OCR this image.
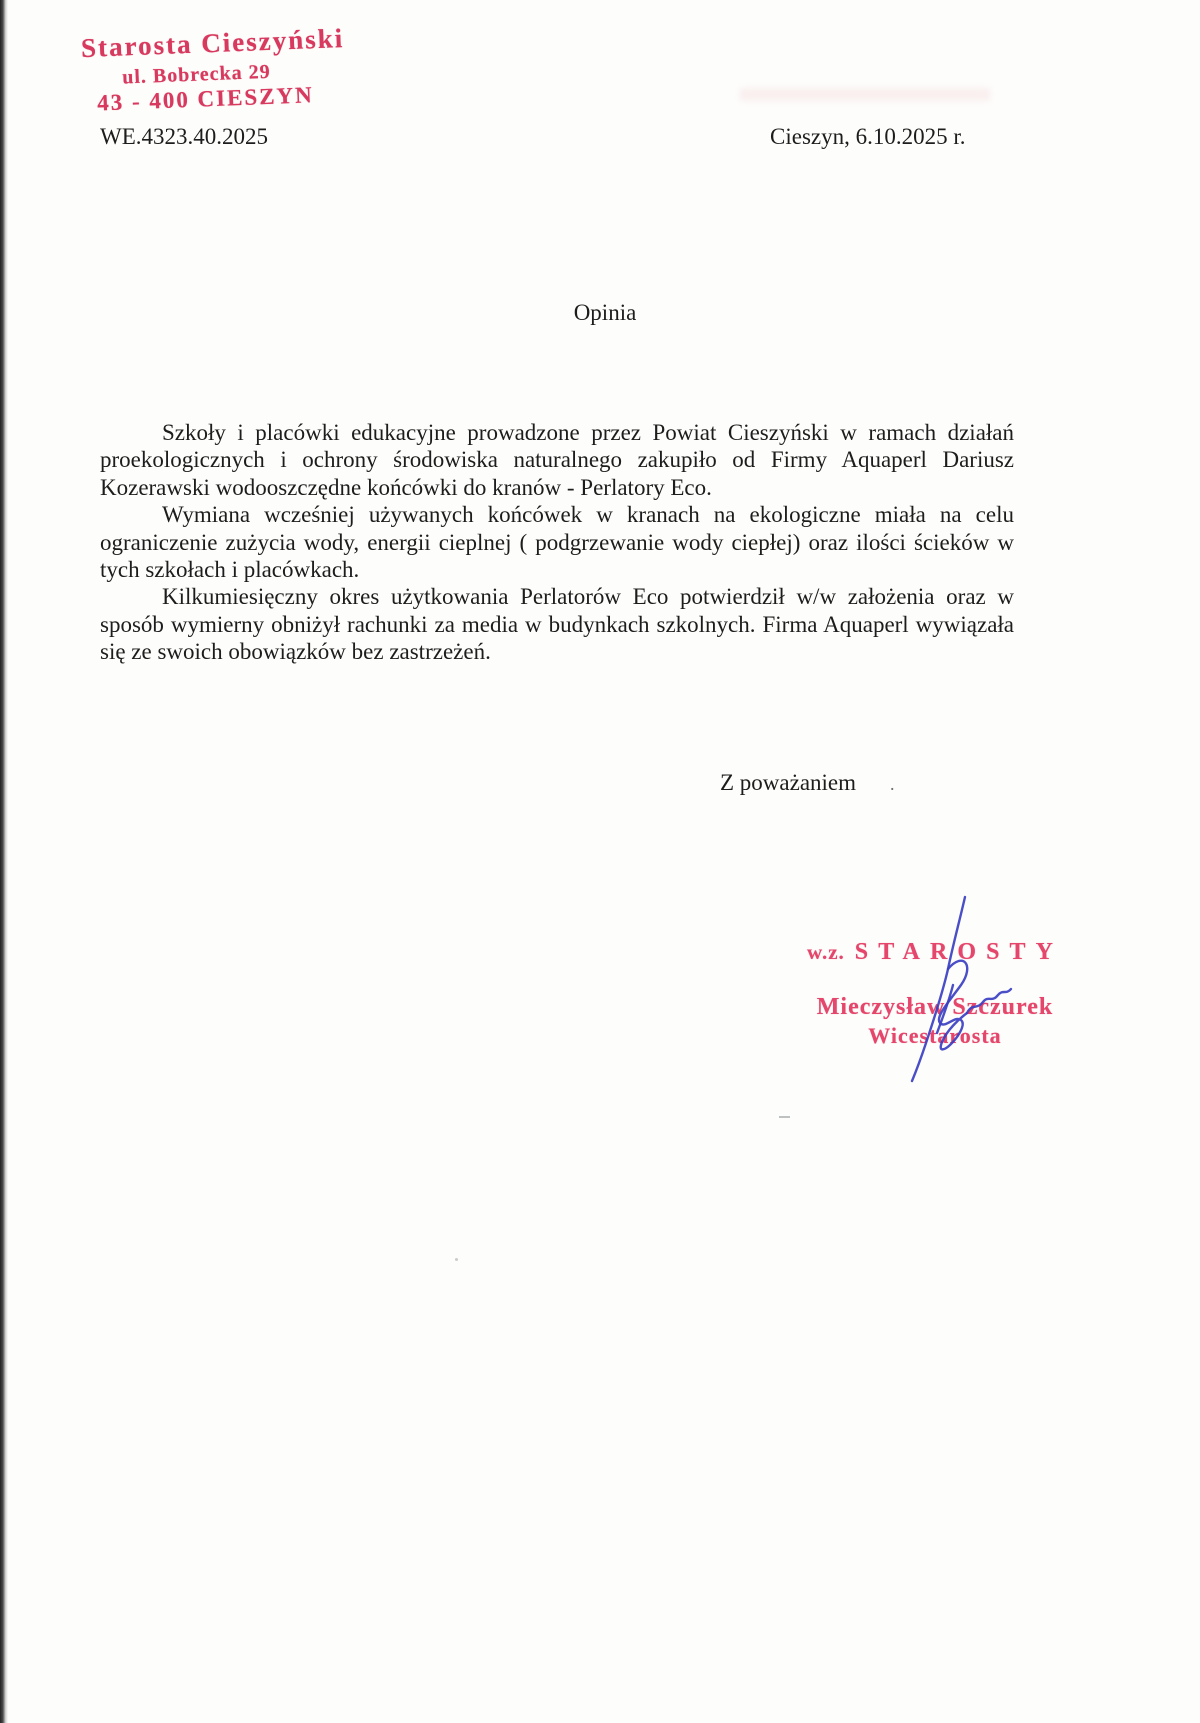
Starosta Cieszyński
ul. Bobrecka 29
43 - 400 CIESZYN
WE.4323.40.2025	Cieszyn, 6.10.2025 r.
Opinia

Szkoły i placówki edukacyjne prowadzone przez Powiat Cieszyński w ramach działań proekologicznych i ochrony środowiska naturalnego zakupiło od Firmy Aquaperl Dariusz Kozerawski wodooszczędne końcówki do kranów - Perlatory Eco.

Wymiana wcześniej używanych końcówek w kranach na ekologiczne miała na celu ograniczenie zużycia wody, energii cieplnej ( podgrzewanie wody ciepłej) oraz ilości ścieków w tych szkołach i placówkach.

Kilkumiesięczny okres użytkowania Perlatorów Eco potwierdził w/w założenia oraz w sposób wymierny obniżył rachunki za media w budynkach szkolnych. Firma Aquaperl wywiązała się ze swoich obowiązków bez zastrzeżeń.

Z poważaniem .
w.z. STAROSTY
Mieczysław Szczurek
Wicestarosta
